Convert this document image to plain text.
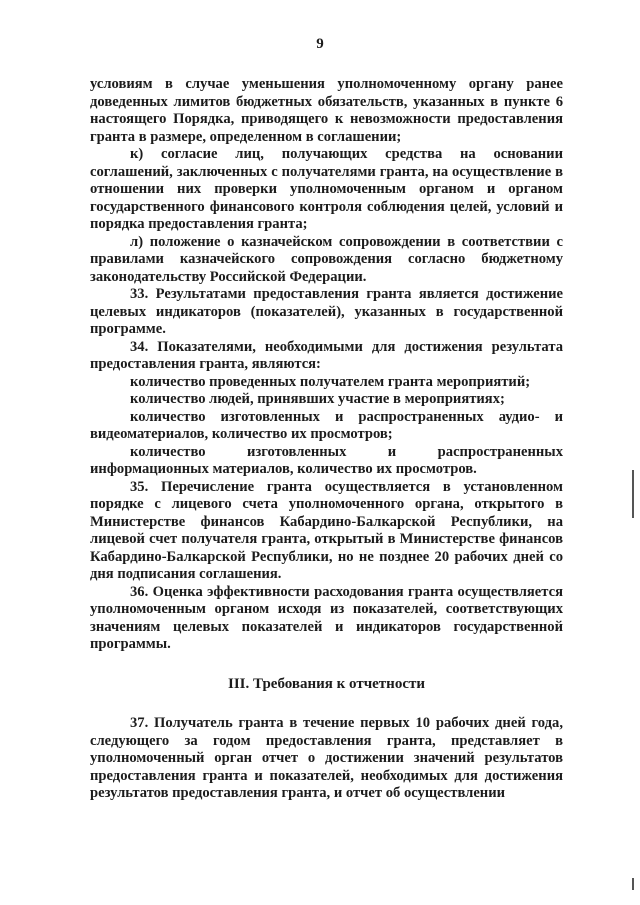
9

условиям в случае уменьшения уполномоченному органу ранее доведенных лимитов бюджетных обязательств, указанных в пункте 6 настоящего Порядка, приводящего к невозможности предоставления гранта в размере, определенном в соглашении;

к) согласие лиц, получающих средства на основании соглашений, заключенных с получателями гранта, на осуществление в отношении них проверки уполномоченным органом и органом государственного финансового контроля соблюдения целей, условий и порядка предоставления гранта;

л) положение о казначейском сопровождении в соответствии с правилами казначейского сопровождения согласно бюджетному законодательству Российской Федерации.

33. Результатами предоставления гранта является достижение целевых индикаторов (показателей), указанных в государственной программе.

34. Показателями, необходимыми для достижения результата предоставления гранта, являются:

количество проведенных получателем гранта мероприятий;

количество людей, принявших участие в мероприятиях;

количество изготовленных и распространенных аудио- и видеоматериалов, количество их просмотров;

количество изготовленных и распространенных информационных материалов, количество их просмотров.

35. Перечисление гранта осуществляется в установленном порядке с лицевого счета уполномоченного органа, открытого в Министерстве финансов Кабардино-Балкарской Республики, на лицевой счет получателя гранта, открытый в Министерстве финансов Кабардино-Балкарской Республики, но не позднее 20 рабочих дней со дня подписания соглашения.

36. Оценка эффективности расходования гранта осуществляется уполномоченным органом исходя из показателей, соответствующих значениям целевых показателей и индикаторов государственной программы.

III. Требования к отчетности

37. Получатель гранта в течение первых 10 рабочих дней года, следующего за годом предоставления гранта, представляет в уполномоченный орган отчет о достижении значений результатов предоставления гранта и показателей, необходимых для достижения результатов предоставления гранта, и отчет об осуществлении
